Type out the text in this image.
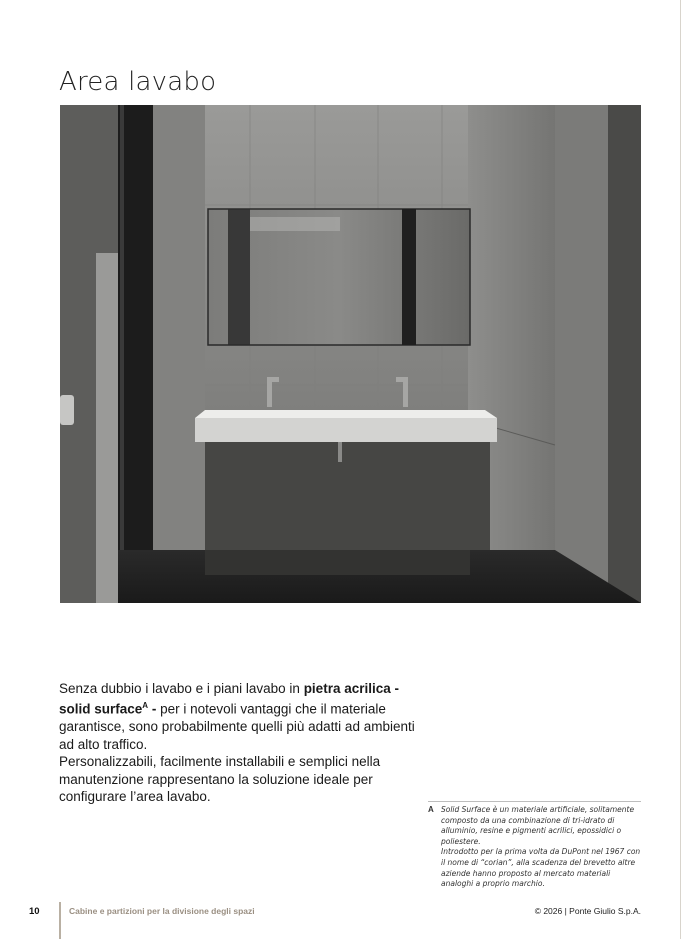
Area lavabo

Senza dubbio i lavabo e i piani lavabo in pietra acrilica -
solid surface$^A$ - per i notevoli vantaggi che il materiale garantisce, sono probabilmente quelli più adatti ad ambienti ad alto traffico.

Personalizzabili, facilmente installabili e semplici nella manutenzione rappresentano la soluzione ideale per configurare l’area lavabo.

A Solid Surface è un materiale artificiale, solitamente composto da una combinazione di tri-idrato di alluminio, resine e pigmenti acrilici, epossidici o poliestere.

Introdotto per la prima volta da DuPont nel 1967 con il nome di “corian”, alla scadenza del brevetto altre aziende hanno proposto al mercato materiali analoghi a proprio marchio.

10	Cabine e partizioni per la divisione degli spazi	© 2026 | Ponte Giulio S.p.A.
